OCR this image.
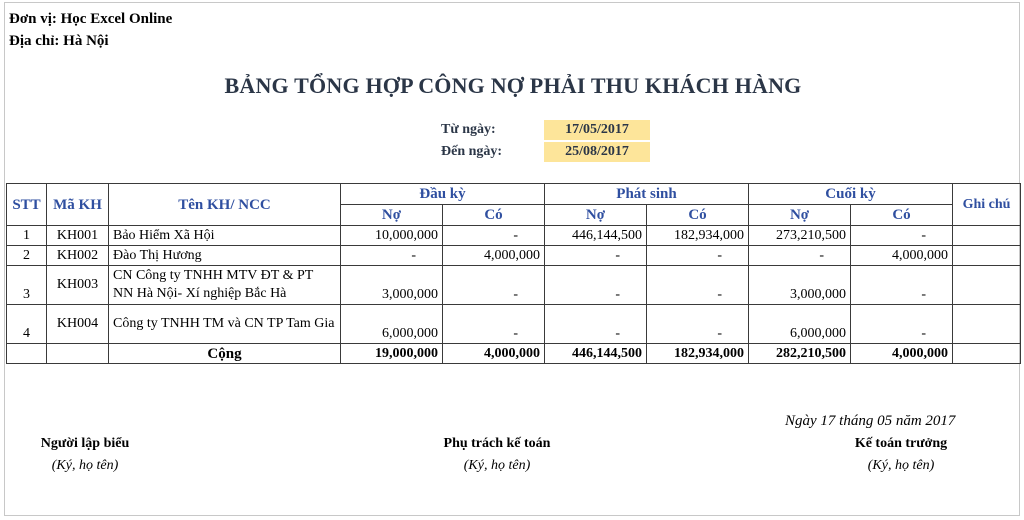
Đơn vị: Học Excel Online
Địa chỉ: Hà Nội
BẢNG TỔNG HỢP CÔNG NỢ PHẢI THU KHÁCH HÀNG
Từ ngày:	17/05/2017
Đến ngày:	25/08/2017
STT	Mã KH	Tên KH/ NCC	Đầu kỳ		Phát sinh		Cuối kỳ		Ghi chú
			Nợ	Có	Nợ	Có	Nợ	Có	
1	KH001	Bảo Hiểm Xã Hội	10,000,000	-	446,144,500	182,934,000	273,210,500	-	
2	KH002	Đào Thị Hương	-	4,000,000	-	-	-	4,000,000	
3	KH003	CN Công ty TNHH MTV ĐT & PT NN Hà Nội- Xí nghiệp Bắc Hà	3,000,000	-	-	-	3,000,000	-	
4	KH004	Công ty TNHH TM và CN TP Tam Gia	6,000,000	-	-	-	6,000,000	-	
		Cộng	19,000,000	4,000,000	446,144,500	182,934,000	282,210,500	4,000,000	
Ngày 17 tháng 05 năm 2017
Người lập biểu
(Ký, họ tên)
Phụ trách kế toán
(Ký, họ tên)
Kế toán trưởng
(Ký, họ tên)
